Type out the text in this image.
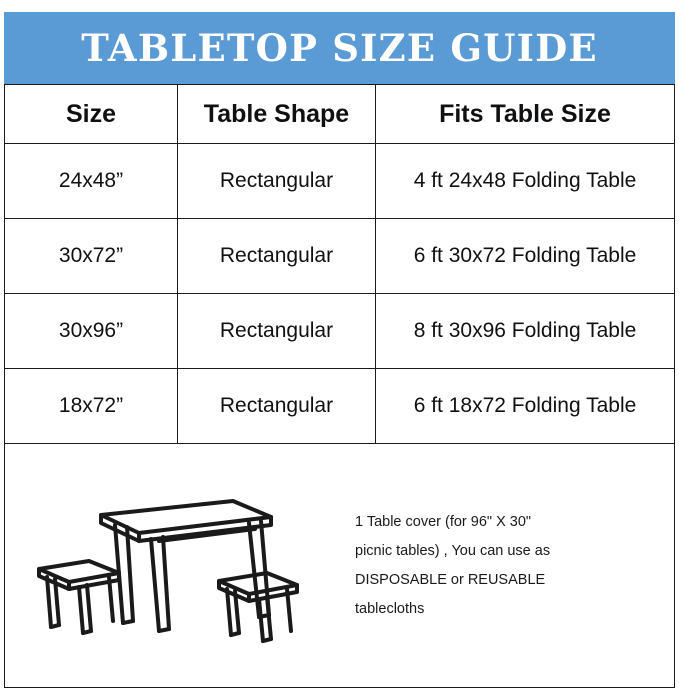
TABLETOP SIZE GUIDE
Size	Table Shape	Fits Table Size
24x48”	Rectangular	4 ft 24x48 Folding Table
30x72”	Rectangular	6 ft 30x72 Folding Table
30x96”	Rectangular	8 ft 30x96 Folding Table
18x72”	Rectangular	6 ft 18x72 Folding Table

1 Table cover (for 96" X 30"

picnic tables) , You can use as

DISPOSABLE or REUSABLE

tablecloths
